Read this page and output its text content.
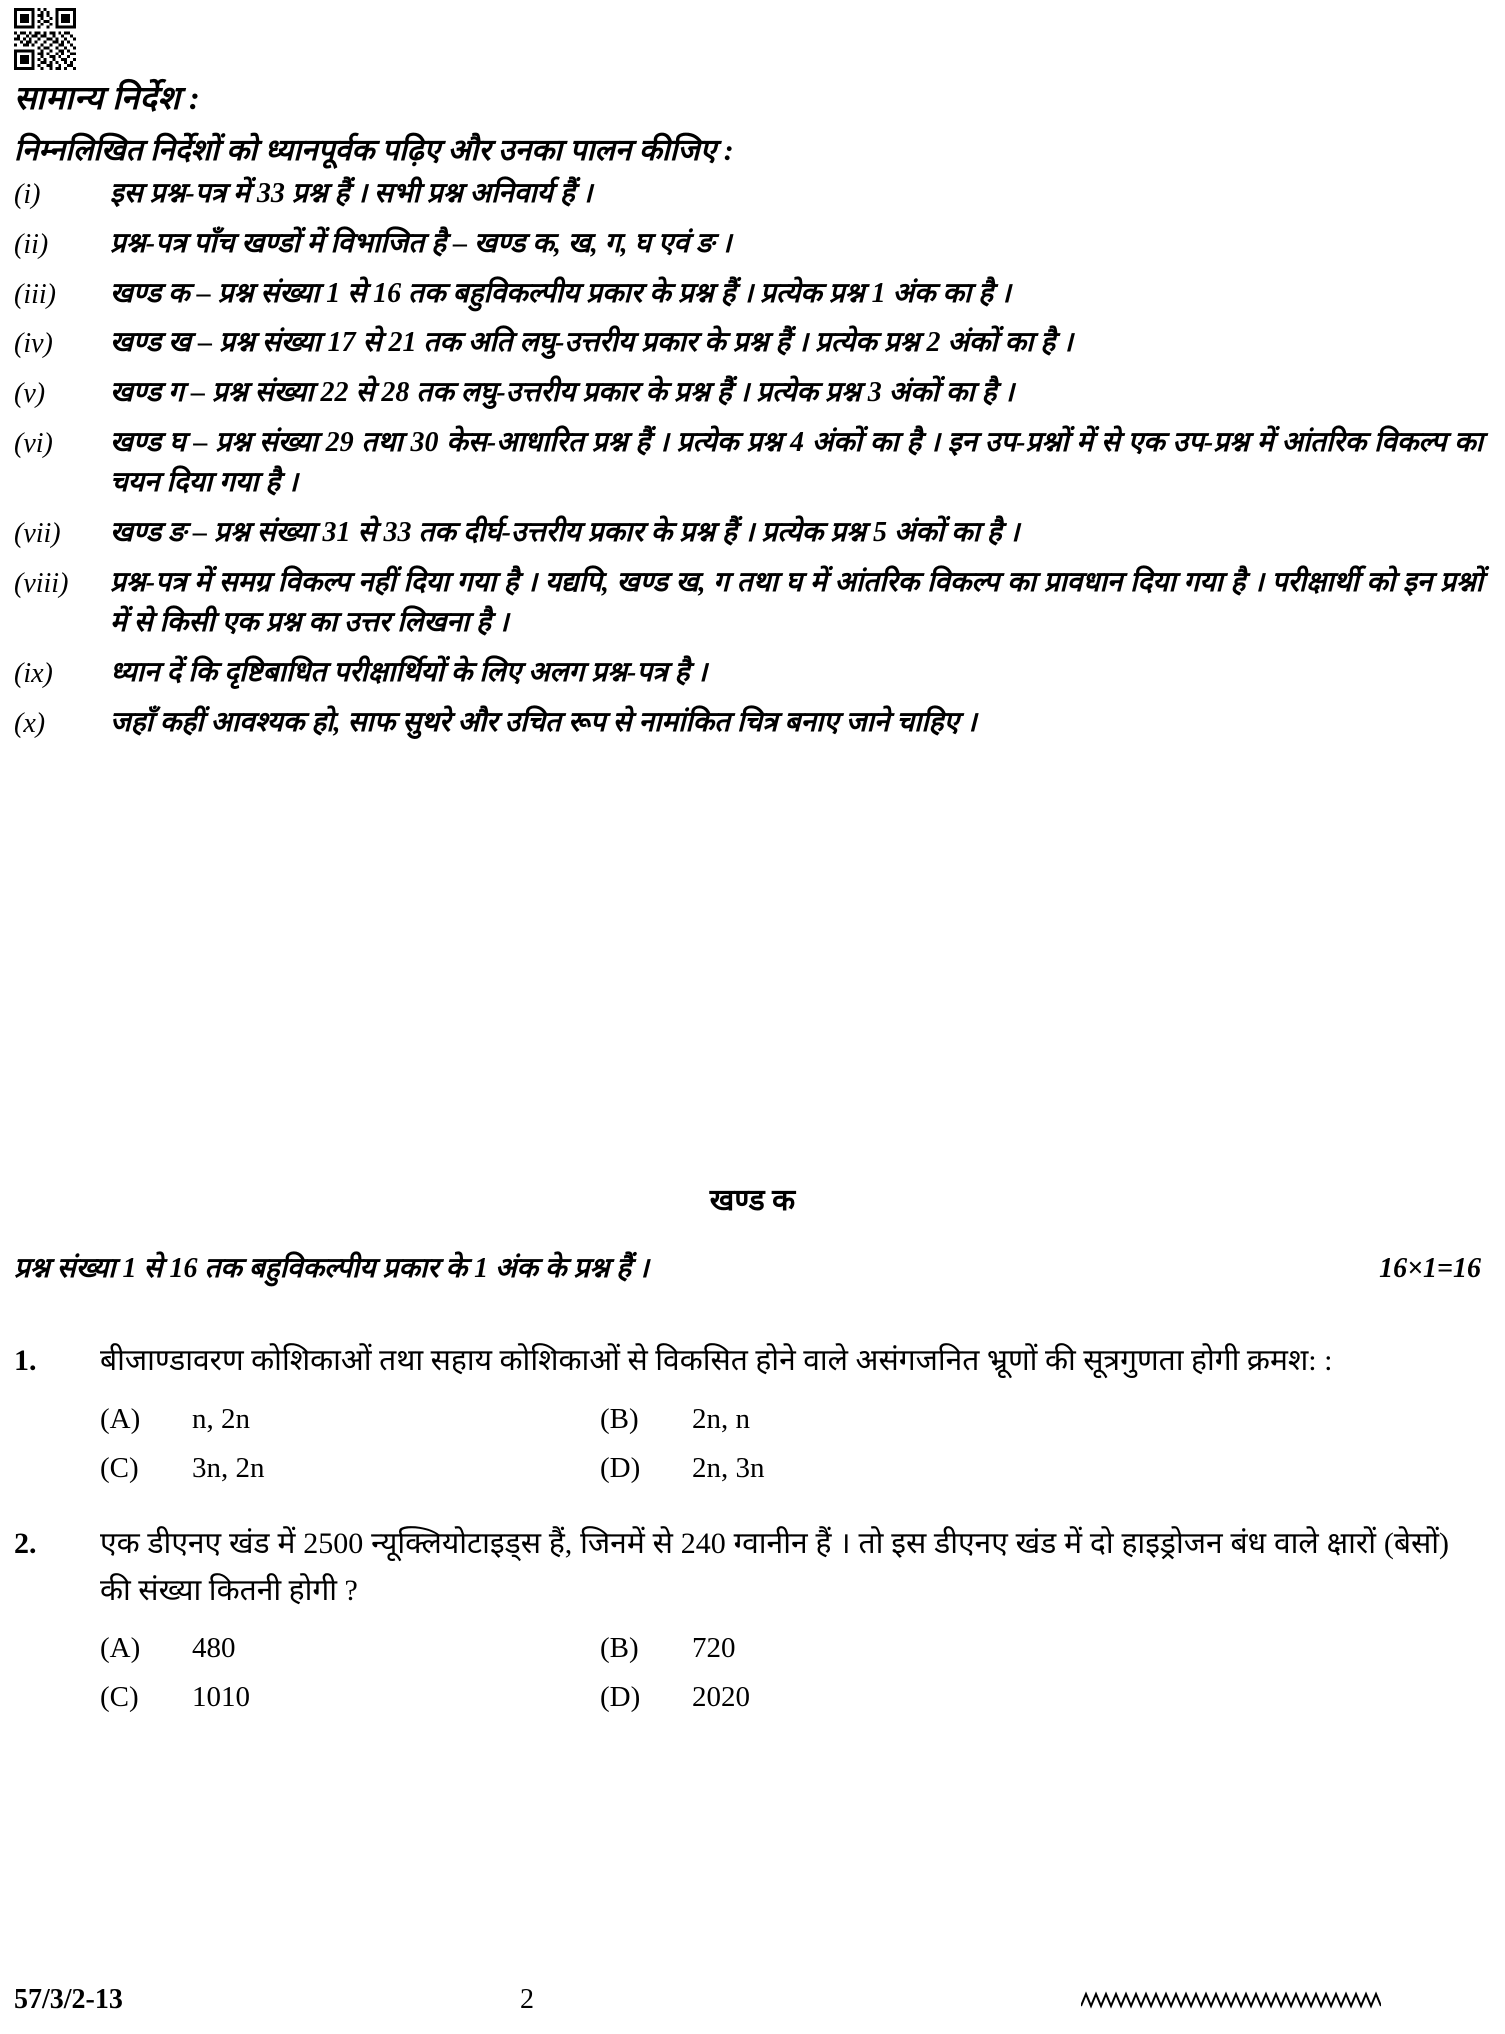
सामान्य निर्देश :
निम्नलिखित निर्देशों को ध्यानपूर्वक पढ़िए और उनका पालन कीजिए :
(i)	इस प्रश्न-पत्र में 33 प्रश्न हैं । सभी प्रश्न अनिवार्य हैं ।
(ii)	प्रश्न-पत्र पाँच खण्डों में विभाजित है – खण्ड क, ख, ग, घ एवं ङ ।
(iii)	खण्ड क – प्रश्न संख्या 1 से 16 तक बहुविकल्पीय प्रकार के प्रश्न हैं । प्रत्येक प्रश्न 1 अंक का है ।
(iv)	खण्ड ख – प्रश्न संख्या 17 से 21 तक अति लघु-उत्तरीय प्रकार के प्रश्न हैं । प्रत्येक प्रश्न 2 अंकों का है ।
(v)	खण्ड ग – प्रश्न संख्या 22 से 28 तक लघु-उत्तरीय प्रकार के प्रश्न हैं । प्रत्येक प्रश्न 3 अंकों का है ।
(vi)	खण्ड घ – प्रश्न संख्या 29 तथा 30 केस-आधारित प्रश्न हैं । प्रत्येक प्रश्न 4 अंकों का है । इन उप-प्रश्नों में से एक उप-प्रश्न में आंतरिक विकल्प का चयन दिया गया है ।
(vii)	खण्ड ङ – प्रश्न संख्या 31 से 33 तक दीर्घ-उत्तरीय प्रकार के प्रश्न हैं । प्रत्येक प्रश्न 5 अंकों का है ।
(viii)	प्रश्न-पत्र में समग्र विकल्प नहीं दिया गया है । यद्यपि, खण्ड ख, ग तथा घ में आंतरिक विकल्प का प्रावधान दिया गया है । परीक्षार्थी को इन प्रश्नों में से किसी एक प्रश्न का उत्तर लिखना है ।
(ix)	ध्यान दें कि दृष्टिबाधित परीक्षार्थियों के लिए अलग प्रश्न-पत्र है ।
(x)	जहाँ कहीं आवश्यक हो, साफ सुथरे और उचित रूप से नामांकित चित्र बनाए जाने चाहिए ।
खण्ड क
प्रश्न संख्या 1 से 16 तक बहुविकल्पीय प्रकार के 1 अंक के प्रश्न हैं ।	16×1=16
1.	बीजाण्डावरण कोशिकाओं तथा सहाय कोशिकाओं से विकसित होने वाले असंगजनित भ्रूणों की सूत्रगुणता होगी क्रमश: :
(A)	n, 2n	(B)	2n, n
(C)	3n, 2n	(D)	2n, 3n
2.	एक डीएनए खंड में 2500 न्यूक्लियोटाइड्स हैं, जिनमें से 240 ग्वानीन हैं । तो इस डीएनए खंड में दो हाइड्रोजन बंध वाले क्षारों (बेसों) की संख्या कितनी होगी ?
(A)	480	(B)	720
(C)	1010	(D)	2020
57/3/2-13	2
